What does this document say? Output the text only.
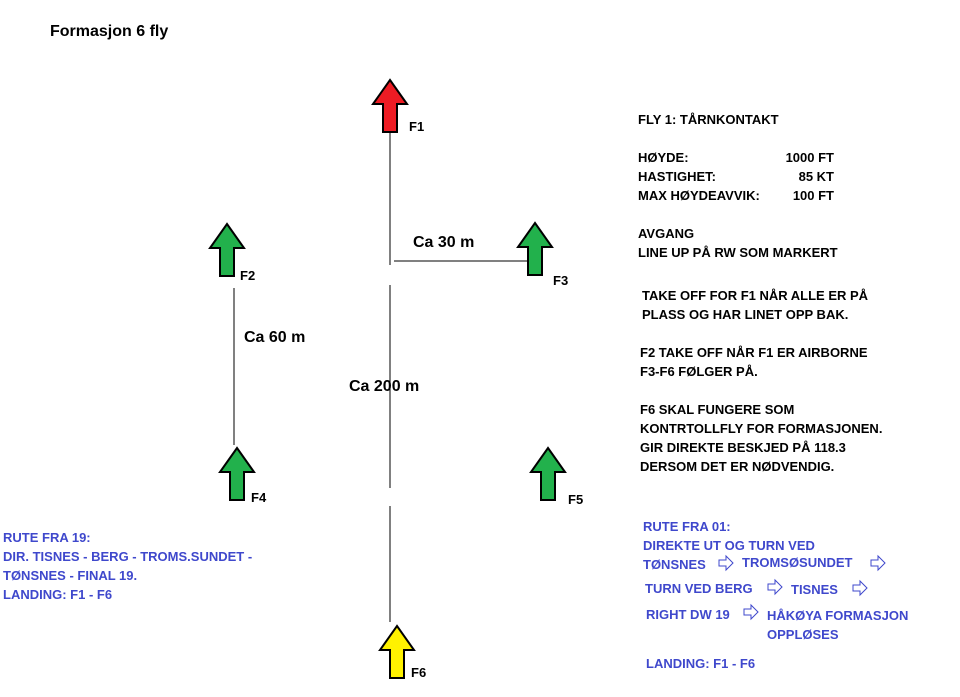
Formasjon 6 fly
F1
F2	F3
F4	F5
F6
Ca 30 m
Ca 60 m
Ca 200 m
FLY 1: TÅRNKONTAKT
HØYDE:	1000 FT
HASTIGHET:	85 KT
MAX HØYDEAVVIK:	100 FT
AVGANG
LINE UP PÅ RW SOM MARKERT
TAKE OFF FOR F1 NÅR ALLE ER PÅ
PLASS OG HAR LINET OPP BAK.
F2 TAKE OFF NÅR F1 ER AIRBORNE
F3-F6 FØLGER PÅ.
F6 SKAL FUNGERE SOM
KONTRTOLLFLY FOR FORMASJONEN.
GIR DIREKTE BESKJED PÅ 118.3
DERSOM DET ER NØDVENDIG.
RUTE FRA 19:
DIR. TISNES - BERG - TROMS.SUNDET -
TØNSNES - FINAL 19.
LANDING: F1 - F6
RUTE FRA 01:
DIREKTE UT OG TURN VED
TØNSNES	TROMSØSUNDET
TURN VED BERG	TISNES
RIGHT DW 19	HÅKØYA FORMASJON
OPPLØSES
LANDING: F1 - F6
